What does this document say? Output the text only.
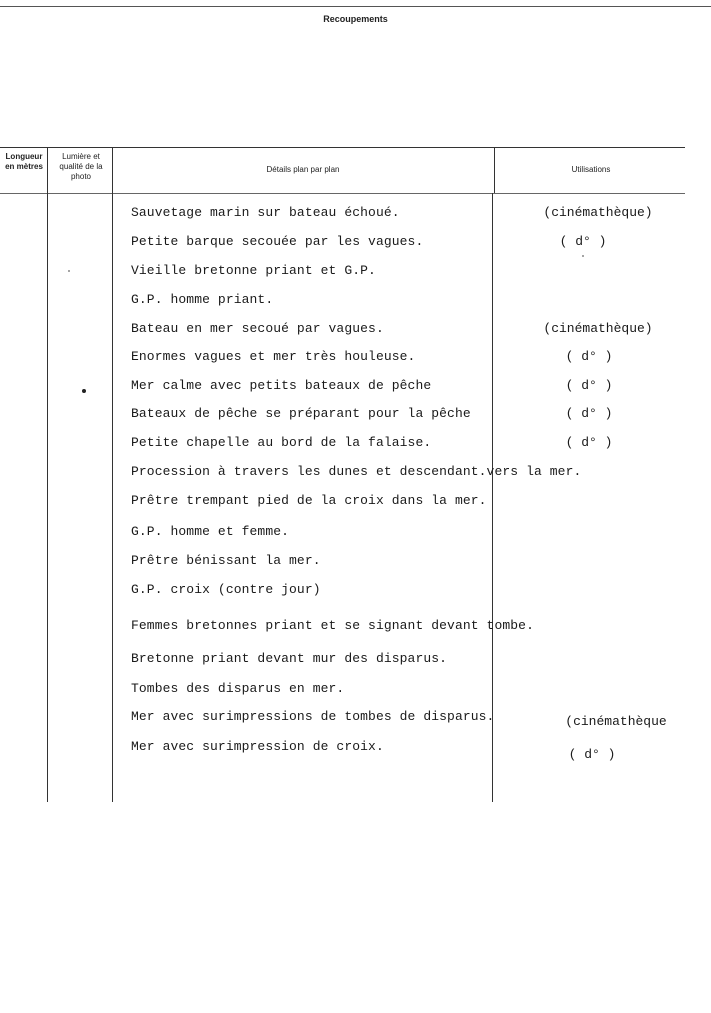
Recoupements
Longueur en mètres
Lumière et qualité de la photo
Détails plan par plan	Utilisations
Sauvetage marin sur bateau échoué.
Petite barque secouée par les vagues.
Vieille bretonne priant et G.P.
G.P. homme priant.
Bateau en mer secoué par vagues.
Enormes vagues et mer très houleuse.
Mer calme avec petits bateaux de pêche
Bateaux de pêche se préparant pour la pêche
Petite chapelle au bord de la falaise.
Procession à travers les dunes et descendant.vers la mer.
Prêtre trempant pied de la croix dans la mer.
G.P. homme et femme.
Prêtre bénissant la mer.
G.P. croix (contre jour)
Femmes bretonnes priant et se signant devant tombe.
Bretonne priant devant mur des disparus.
Tombes des disparus en mer.
Mer avec surimpressions de tombes de disparus.
Mer avec surimpression de croix.
(cinémathèque)
( d° )
(cinémathèque)
( d° )
( d° )
( d° )
( d° )
(cinémathèque
( d° )
